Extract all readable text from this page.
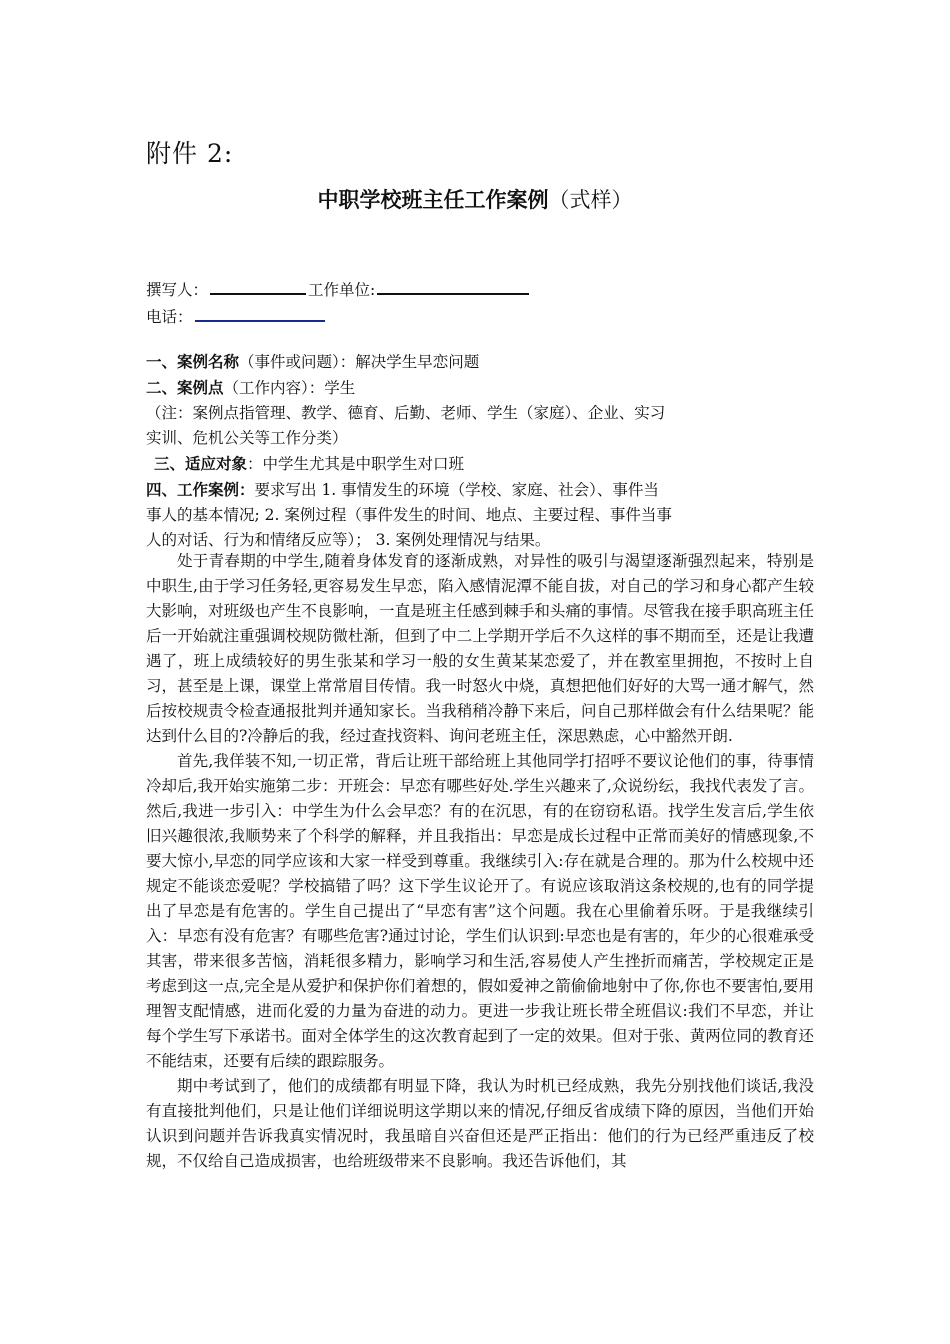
附件 2:
中职学校班主任工作案例（式样）
撰写人：	工作单位:
电话：
一、案例名称（事件或问题）：解决学生早恋问题
二、案例点（工作内容）：学生
（注：案例点指管理、教学、德育、后勤、老师、学生（家庭）、企业、实习
实训、危机公关等工作分类）
三、适应对象：中学生尤其是中职学生对口班
四、工作案例：要求写出 1. 事情发生的环境（学校、家庭、社会）、事件当
事人的基本情况; 2. 案例过程（事件发生的时间、地点、主要过程、事件当事
人的对话、行为和情绪反应等）； 3. 案例处理情况与结果。

处于青春期的中学生,随着身体发育的逐渐成熟，对异性的吸引与渴望逐渐强烈起来，特别是中职生,由于学习任务轻,更容易发生早恋，陷入感情泥潭不能自拔，对自己的学习和身心都产生较大影响，对班级也产生不良影响，一直是班主任感到棘手和头痛的事情。尽管我在接手职高班主任后一开始就注重强调校规防微杜渐，但到了中二上学期开学后不久这样的事不期而至，还是让我遭遇了，班上成绩较好的男生张某和学习一般的女生黄某某恋爱了，并在教室里拥抱，不按时上自习，甚至是上课，课堂上常常眉目传情。我一时怒火中烧，真想把他们好好的大骂一通才解气，然后按校规责令检查通报批判并通知家长。当我稍稍冷静下来后，问自己那样做会有什么结果呢？能达到什么目的?冷静后的我，经过查找资料、询问老班主任，深思熟虑，心中豁然开朗.

首先,我佯装不知,一切正常，背后让班干部给班上其他同学打招呼不要议论他们的事，待事情冷却后,我开始实施第二步：开班会：早恋有哪些好处.学生兴趣来了,众说纷纭，我找代表发了言。然后,我进一步引入：中学生为什么会早恋？有的在沉思，有的在窃窃私语。找学生发言后,学生依旧兴趣很浓,我顺势来了个科学的解释，并且我指出：早恋是成长过程中正常而美好的情感现象,不要大惊小,早恋的同学应该和大家一样受到尊重。我继续引入:存在就是合理的。那为什么校规中还规定不能谈恋爱呢？学校搞错了吗？这下学生议论开了。有说应该取消这条校规的,也有的同学提出了早恋是有危害的。学生自己提出了“早恋有害”这个问题。我在心里偷着乐呀。于是我继续引入：早恋有没有危害？有哪些危害?通过讨论，学生们认识到:早恋也是有害的，年少的心很难承受其害，带来很多苦恼，消耗很多精力，影响学习和生活,容易使人产生挫折而痛苦，学校规定正是考虑到这一点,完全是从爱护和保护你们着想的，假如爱神之箭偷偷地射中了你,你也不要害怕,要用理智支配情感，进而化爱的力量为奋进的动力。更进一步我让班长带全班倡议:我们不早恋，并让每个学生写下承诺书。面对全体学生的这次教育起到了一定的效果。但对于张、黄两位同的教育还不能结束，还要有后续的跟踪服务。

期中考试到了，他们的成绩都有明显下降，我认为时机已经成熟，我先分别找他们谈话,我没有直接批判他们，只是让他们详细说明这学期以来的情况,仔细反省成绩下降的原因，当他们开始认识到问题并告诉我真实情况时，我虽暗自兴奋但还是严正指出：他们的行为已经严重违反了校规，不仅给自己造成损害，也给班级带来不良影响。我还告诉他们，其
